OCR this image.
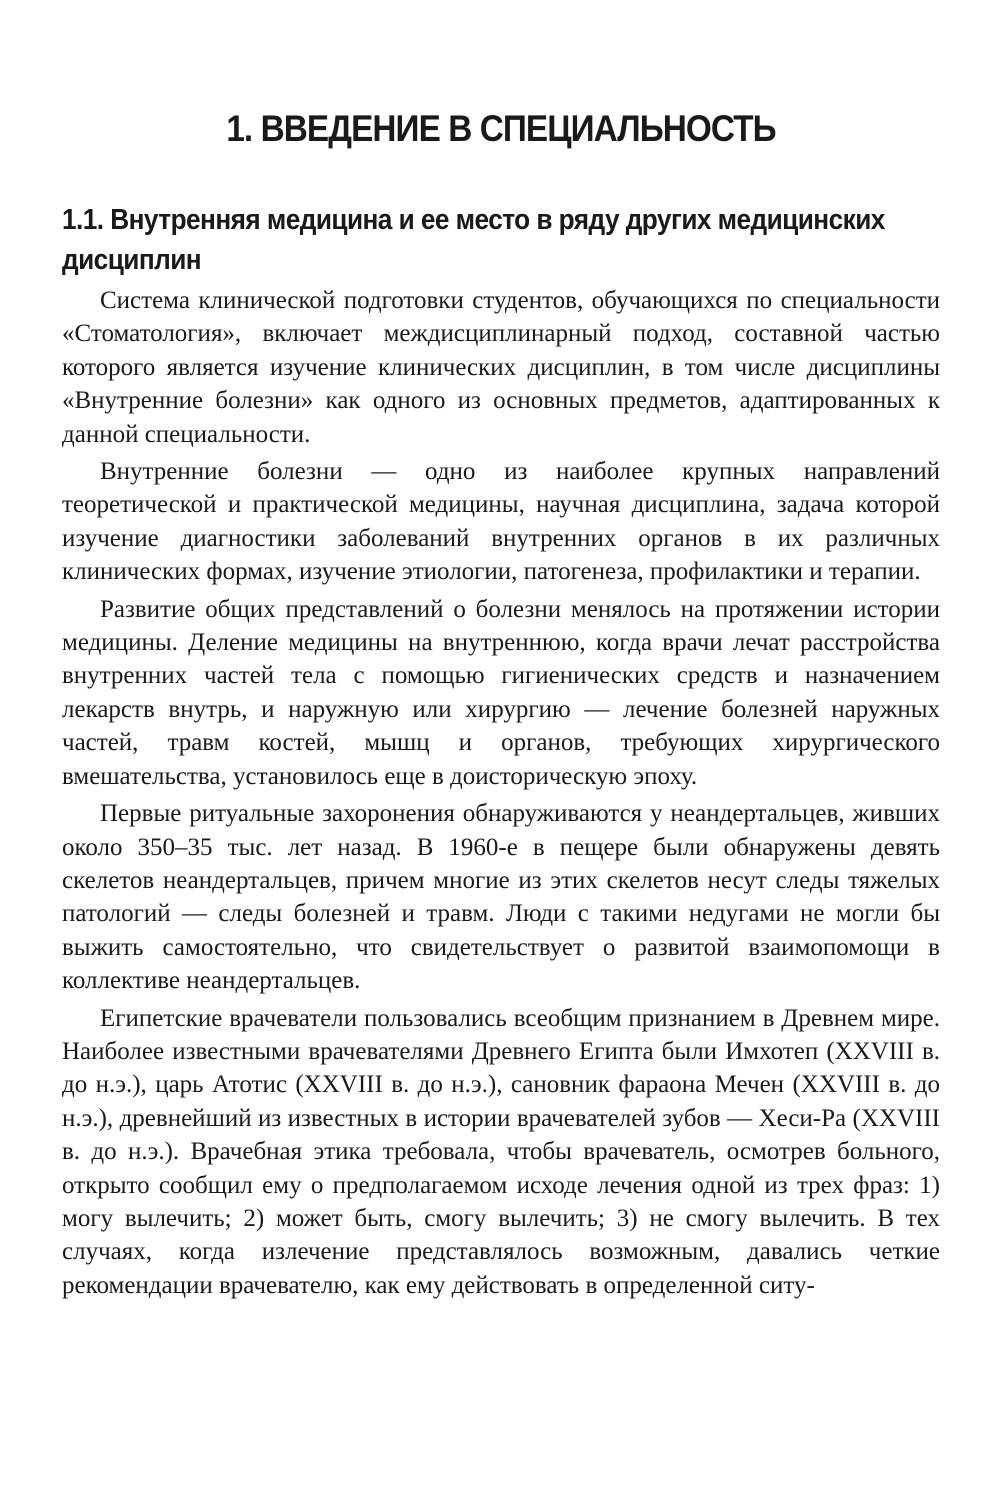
1. ВВЕДЕНИЕ В СПЕЦИАЛЬНОСТЬ
1.1. Внутренняя медицина и ее место в ряду других медицинских дисциплин

Система клинической подготовки студентов, обучающихся по специальности «Стоматология», включает междисциплинарный подход, составной частью которого является изучение клинических дисциплин, в том числе дисциплины «Внутренние болезни» как одного из основных предметов, адаптированных к данной специальности.

Внутренние болезни — одно из наиболее крупных направлений теоретической и практической медицины, научная дисциплина, задача которой изучение диагностики заболеваний внутренних органов в их различных клинических формах, изучение этиологии, патогенеза, профилактики и терапии.

Развитие общих представлений о болезни менялось на протяжении истории медицины. Деление медицины на внутреннюю, когда врачи лечат расстройства внутренних частей тела с помощью гигиенических средств и назначением лекарств внутрь, и наружную или хирургию — лечение болезней наружных частей, травм костей, мышц и органов, требующих хирургического вмешательства, установилось еще в доисторическую эпоху.

Первые ритуальные захоронения обнаруживаются у неандертальцев, живших около 350–35 тыс. лет назад. В 1960-е в пещере были обнаружены девять скелетов неандертальцев, причем многие из этих скелетов несут следы тяжелых патологий — следы болезней и травм. Люди с такими недугами не могли бы выжить самостоятельно, что свидетельствует о развитой взаимопомощи в коллективе неандертальцев.

Египетские врачеватели пользовались всеобщим признанием в Древнем мире. Наиболее известными врачевателями Древнего Египта были Имхотеп (XXVIII в. до н.э.), царь Атотис (XXVIII в. до н.э.), сановник фараона Мечен (XXVIII в. до н.э.), древнейший из известных в истории врачевателей зубов — Хеси-Ра (XXVIII в. до н.э.). Врачебная этика требовала, чтобы врачеватель, осмотрев больного, открыто сообщил ему о предполагаемом исходе лечения одной из трех фраз: 1) могу вылечить; 2) может быть, смогу вылечить; 3) не смогу вылечить. В тех случаях, когда излечение представлялось возможным, давались четкие рекомендации врачевателю, как ему действовать в определенной ситу-
